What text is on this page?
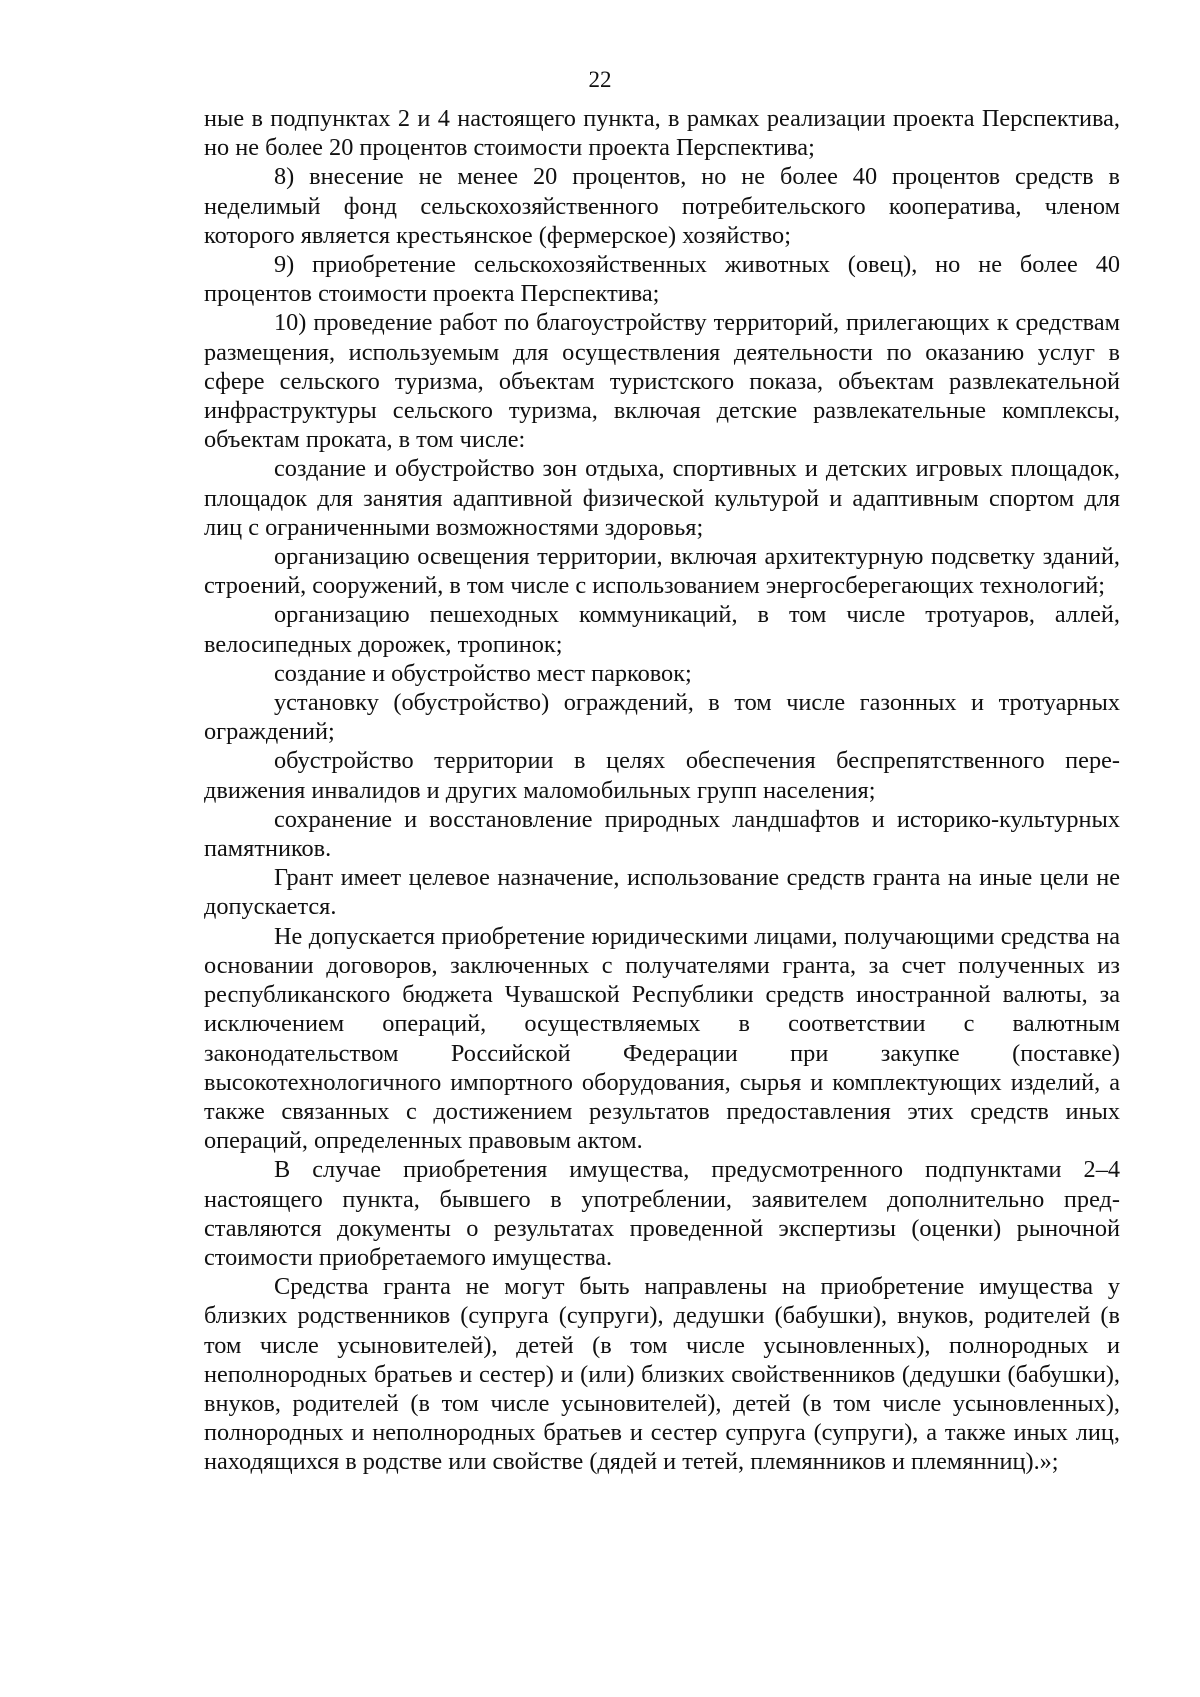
22

ные в подпунктах 2 и 4 настоящего пункта, в рамках реализации проекта Перспектива, но не более 20 процентов стоимости проекта Перспектива;

8) внесение не менее 20 процентов, но не более 40 процентов средств в неделимый фонд сельскохозяйственного потребительского кооператива, членом которого является крестьянское (фермерское) хозяйство;

9) приобретение сельскохозяйственных животных (овец), но не более 40 процентов стоимости проекта Перспектива;

10) проведение работ по благоустройству территорий, прилегающих к средствам размещения, используемым для осуществления деятельности по оказанию услуг в сфере сельского туризма, объектам туристского показа, объектам развлекательной инфраструктуры сельского туризма, включая детские развлекательные комплексы, объектам проката, в том числе:

создание и обустройство зон отдыха, спортивных и детских игровых площадок, площадок для занятия адаптивной физической культурой и адаптивным спортом для лиц с ограниченными возможностями здоровья;

организацию освещения территории, включая архитектурную подсветку зданий, строений, сооружений, в том числе с использованием энергосберегающих технологий;

организацию пешеходных коммуникаций, в том числе тротуаров, аллей, велосипедных дорожек, тропинок;

создание и обустройство мест парковок;

установку (обустройство) ограждений, в том числе газонных и тротуарных ограждений;

обустройство территории в целях обеспечения беспрепятственного передвижения инвалидов и других маломобильных групп населения;

сохранение и восстановление природных ландшафтов и историко-культурных памятников.

Грант имеет целевое назначение, использование средств гранта на иные цели не допускается.

Не допускается приобретение юридическими лицами, получающими средства на основании договоров, заключенных с получателями гранта, за счет полученных из республиканского бюджета Чувашской Республики средств иностранной валюты, за исключением операций, осуществляемых в соответствии с валютным законодательством Российской Федерации при закупке (поставке) высокотехнологичного импортного оборудования, сырья и комплектующих изделий, а также связанных с достижением результатов предоставления этих средств иных операций, определенных правовым актом.

В случае приобретения имущества, предусмотренного подпунктами 2–4 настоящего пункта, бывшего в употреблении, заявителем дополнительно представляются документы о результатах проведенной экспертизы (оценки) рыночной стоимости приобретаемого имущества.

Средства гранта не могут быть направлены на приобретение имущества у близких родственников (супруга (супруги), дедушки (бабушки), внуков, родителей (в том числе усыновителей), детей (в том числе усыновленных), полнородных и неполнородных братьев и сестер) и (или) близких свойственников (дедушки (бабушки), внуков, родителей (в том числе усыновителей), детей (в том числе усыновленных), полнородных и неполнородных братьев и сестер супруга (супруги), а также иных лиц, находящихся в родстве или свойстве (дядей и тетей, племянников и племянниц).»;
